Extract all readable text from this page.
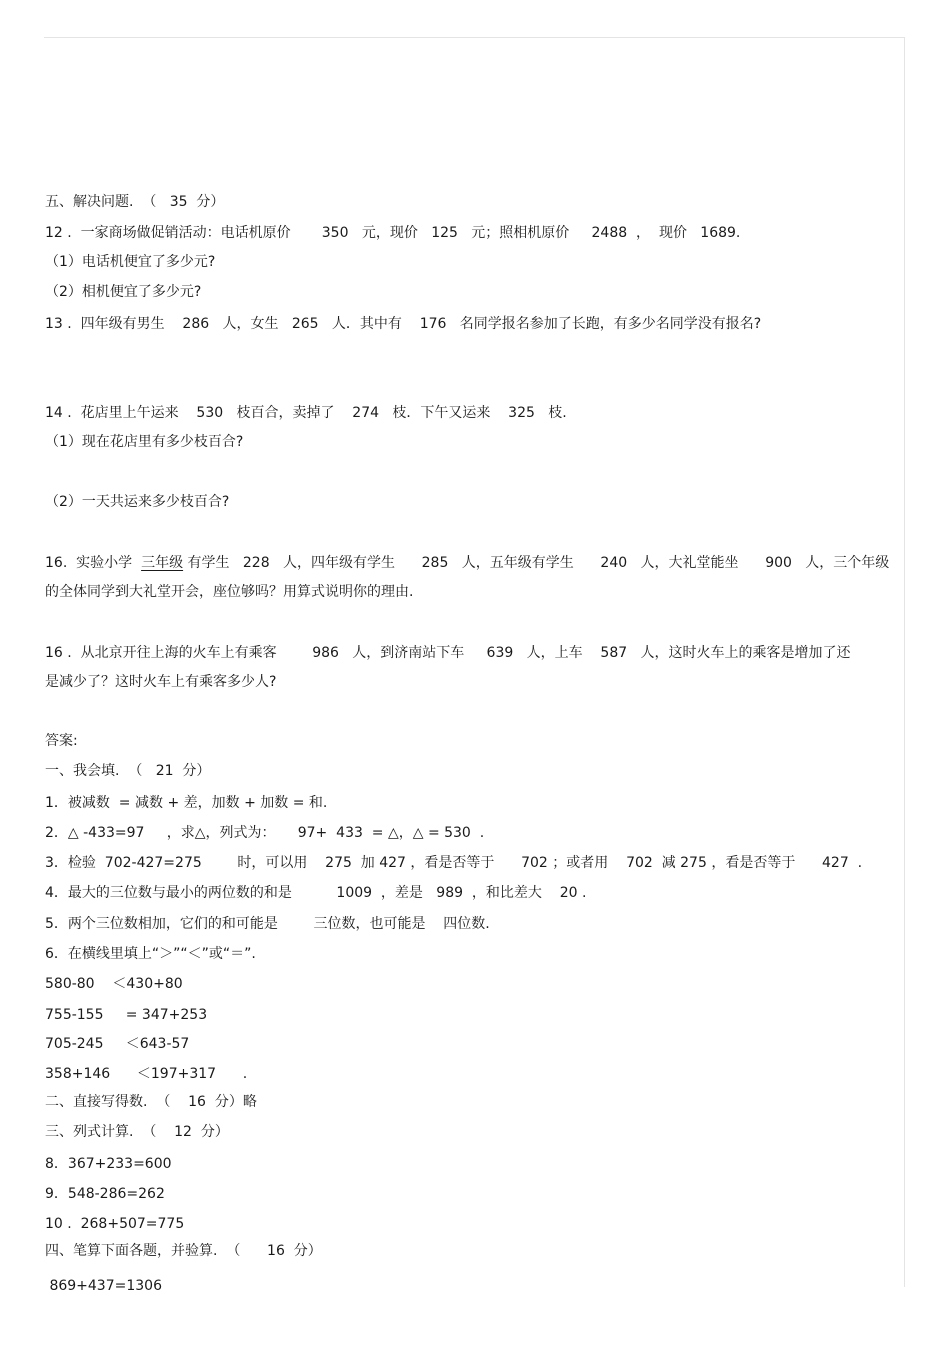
五、解决问题.  （   35  分）
12 .  一家商场做促销活动：电话机原价       350   元，现价   125   元；照相机原价     2488  ，  现价   1689.
（1）电话机便宜了多少元?
（2）相机便宜了多少元?
13 .  四年级有男生    286   人，女生   265   人．其中有    176   名同学报名参加了长跑，有多少名同学没有报名?
14 .  花店里上午运来    530   枝百合，卖掉了    274   枝．下午又运来    325   枝.
（1）现在花店里有多少枝百合?
（2）一天共运来多少枝百合?
的全体同学到大礼堂开会，座位够吗？用算式说明你的理由.
16 .  从北京开往上海的火车上有乘客        986   人，到济南站下车     639   人，上车    587   人，这时火车上的乘客是增加了还
是减少了？这时火车上有乘客多少人?
答案:
一、我会填.  （   21  分）
1．被减数  = 减数 + 差，加数 + 加数 = 和.
2．△ -433=97     ，求△，列式为：     97+  433  = △，△ = 530  .
3．检验  702-427=275        时，可以用    275  加 427 ，看是否等于      702 ；或者用    702  减 275 ，看是否等于      427  .
4．最大的三位数与最小的两位数的和是          1009  ，差是   989  ，和比差大    20 .
5．两个三位数相加，它们的和可能是        三位数，也可能是    四位数.
6．在横线里填上“＞”“＜”或“＝”.
580-80    ＜430+80
755-155     = 347+253
705-245     ＜643-57
358+146      ＜197+317      .
二、直接写得数.  （    16  分）略
三、列式计算.  （    12  分）
8．367+233=600
9．548-286=262
10 .  268+507=775
四、笔算下面各题，并验算.  （      16  分）
869+437=1306
16.  实验小学  三年级 有学生   228   人，四年级有学生      285   人，五年级有学生      240   人，大礼堂能坐      900   人，三个年级
